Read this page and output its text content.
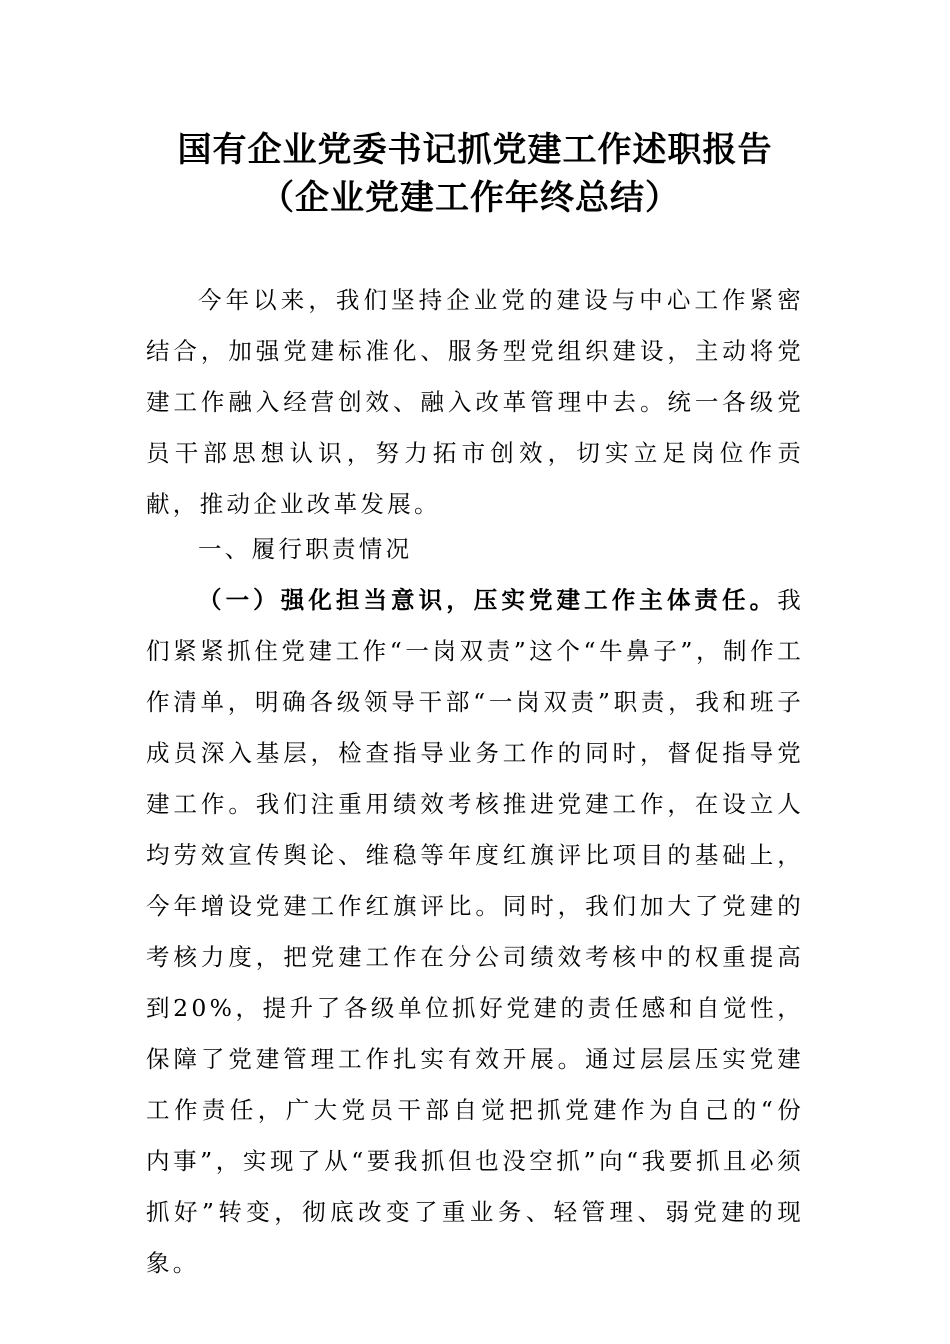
国有企业党委书记抓党建工作述职报告
（企业党建工作年终总结）
今年以来，我们坚持企业党的建设与中心工作紧密结合，加强党建标准化、服务型党组织建设，主动将党建工作融入经营创效、融入改革管理中去。统一各级党员干部思想认识，努力拓市创效，切实立足岗位作贡献，推动企业改革发展。
一、履行职责情况
（一）强化担当意识，压实党建工作主体责任。我们紧紧抓住党建工作“一岗双责”这个“牛鼻子”，制作工作清单，明确各级领导干部“一岗双责”职责，我和班子成员深入基层，检查指导业务工作的同时，督促指导党建工作。我们注重用绩效考核推进党建工作，在设立人均劳效宣传舆论、维稳等年度红旗评比项目的基础上，今年增设党建工作红旗评比。同时，我们加大了党建的考核力度，把党建工作在分公司绩效考核中的权重提高到20%，提升了各级单位抓好党建的责任感和自觉性，保障了党建管理工作扎实有效开展。通过层层压实党建工作责任，广大党员干部自觉把抓党建作为自己的“份内事”，实现了从“要我抓但也没空抓”向“我要抓且必须抓好”转变，彻底改变了重业务、轻管理、弱党建的现象。
